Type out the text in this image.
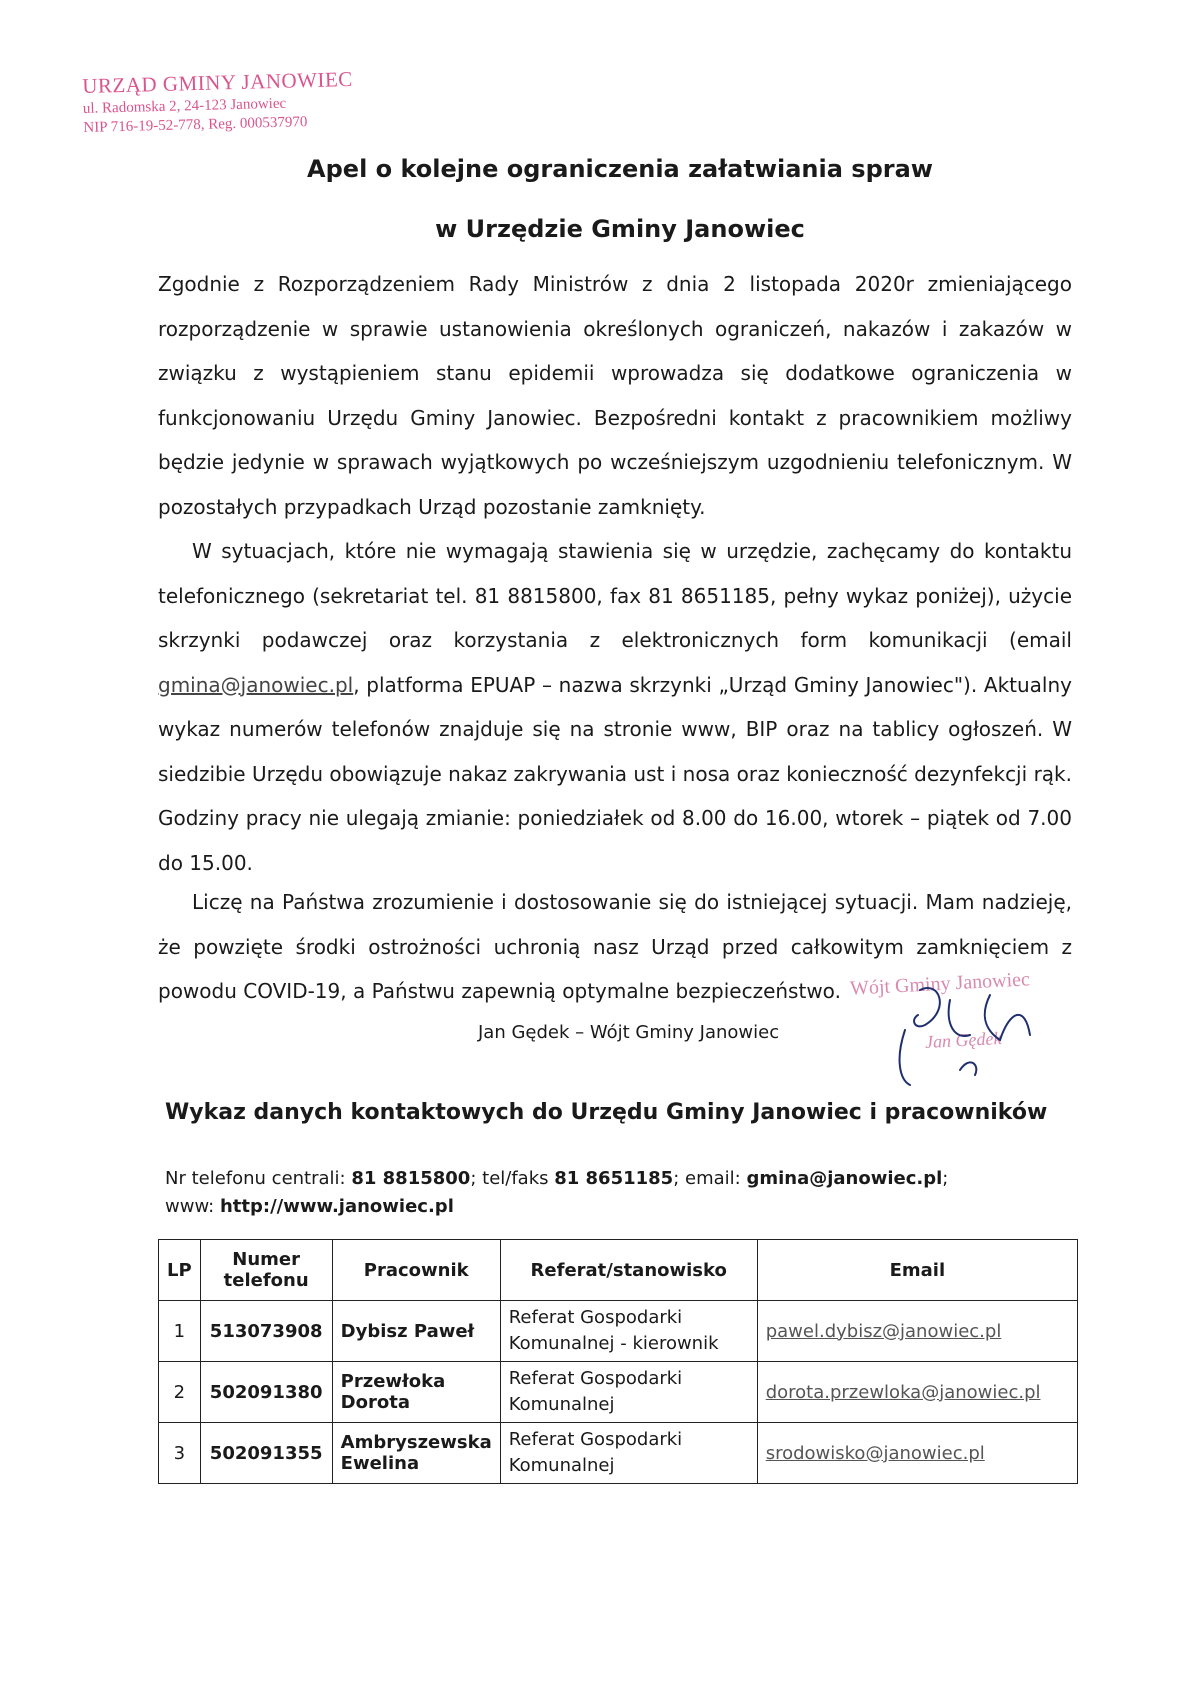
URZĄD GMINY JANOWIEC
ul. Radomska 2, 24-123 Janowiec
NIP 716-19-52-778, Reg. 000537970
Apel o kolejne ograniczenia załatwiania spraw
w Urzędzie Gminy Janowiec

Zgodnie z Rozporządzeniem Rady Ministrów z dnia 2 listopada 2020r zmieniającego rozporządzenie w sprawie ustanowienia określonych ograniczeń, nakazów i zakazów w związku z wystąpieniem stanu epidemii wprowadza się dodatkowe ograniczenia w funkcjonowaniu Urzędu Gminy Janowiec. Bezpośredni kontakt z pracownikiem możliwy będzie jedynie w sprawach wyjątkowych po wcześniejszym uzgodnieniu telefonicznym. W pozostałych przypadkach Urząd pozostanie zamknięty.

W sytuacjach, które nie wymagają stawienia się w urzędzie, zachęcamy do kontaktu telefonicznego (sekretariat tel. 81 8815800, fax 81 8651185, pełny wykaz poniżej), użycie skrzynki podawczej oraz korzystania z elektronicznych form komunikacji (email gmina@janowiec.pl, platforma EPUAP – nazwa skrzynki „Urząd Gminy Janowiec"). Aktualny wykaz numerów telefonów znajduje się na stronie www, BIP oraz na tablicy ogłoszeń. W siedzibie Urzędu obowiązuje nakaz zakrywania ust i nosa oraz konieczność dezynfekcji rąk. Godziny pracy nie ulegają zmianie: poniedziałek od 8.00 do 16.00, wtorek – piątek od 7.00 do 15.00.

Liczę na Państwa zrozumienie i dostosowanie się do istniejącej sytuacji. Mam nadzieję, że powzięte środki ostrożności uchronią nasz Urząd przed całkowitym zamknięciem z powodu COVID-19, a Państwu zapewnią optymalne bezpieczeństwo.

Jan Gędek – Wójt Gminy Janowiec
Wójt Gminy Janowiec
Jan Gędek
Wykaz danych kontaktowych do Urzędu Gminy Janowiec i pracowników
Nr telefonu centrali: 81 8815800; tel/faks 81 8651185; email: gmina@janowiec.pl;
www: http://www.janowiec.pl
LP	Numer telefonu	Pracownik	Referat/stanowisko	Email
1	513073908	Dybisz Paweł	Referat Gospodarki Komunalnej - kierownik	pawel.dybisz@janowiec.pl
2	502091380	Przewłoka Dorota	Referat Gospodarki Komunalnej	dorota.przewloka@janowiec.pl
3	502091355	Ambryszewska Ewelina	Referat Gospodarki Komunalnej	srodowisko@janowiec.pl
